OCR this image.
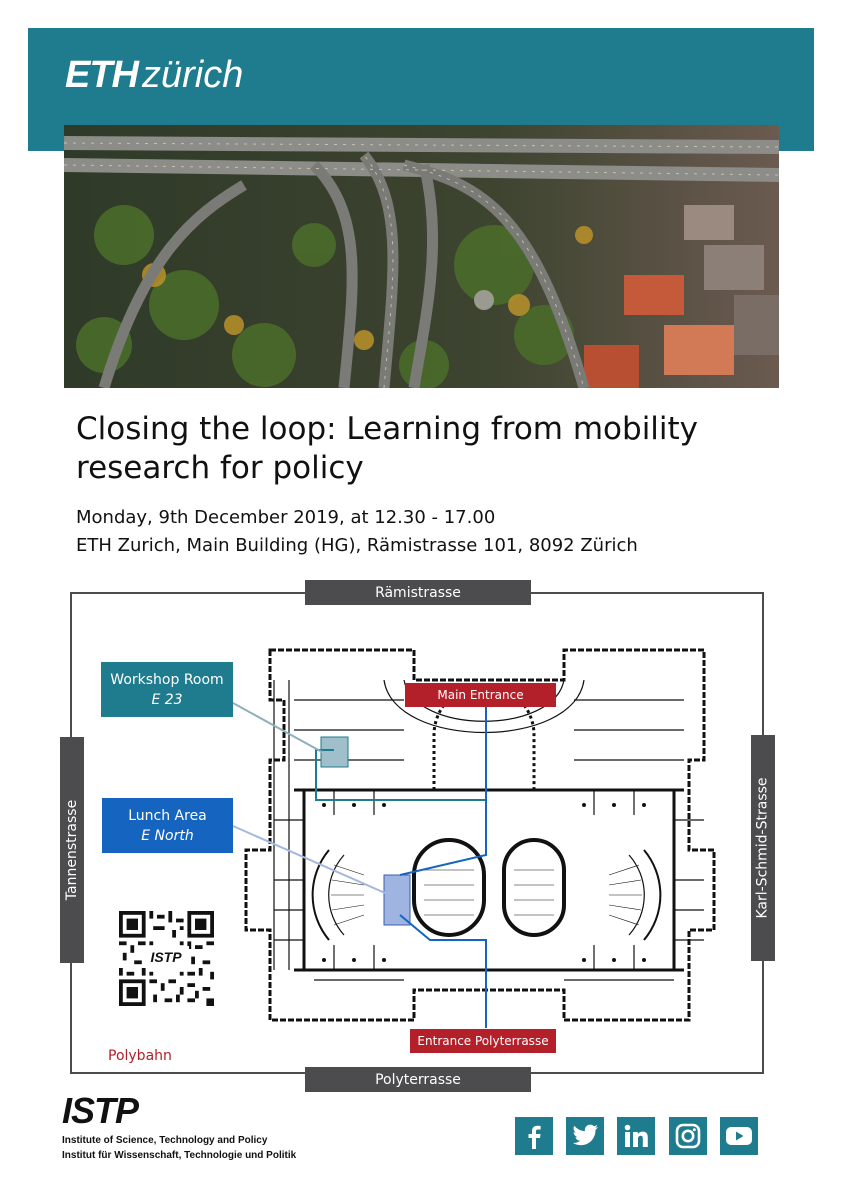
ETH zürich
Closing the loop: Learning from mobility
research for policy
Monday, 9th December 2019, at 12.30 - 17.00
ETH Zurich, Main Building (HG), Rämistrasse 101, 8092 Zürich
Rämistrasse
Polyterrasse
Tannenstrasse	Karl-Schmid-Strasse
Workshop Room
E 23
Lunch Area
E North
Main Entrance
Entrance Polyterrasse
ISTP
Polybahn
ISTP
Institute of Science, Technology and Policy
Institut für Wissenschaft, Technologie und Politik
